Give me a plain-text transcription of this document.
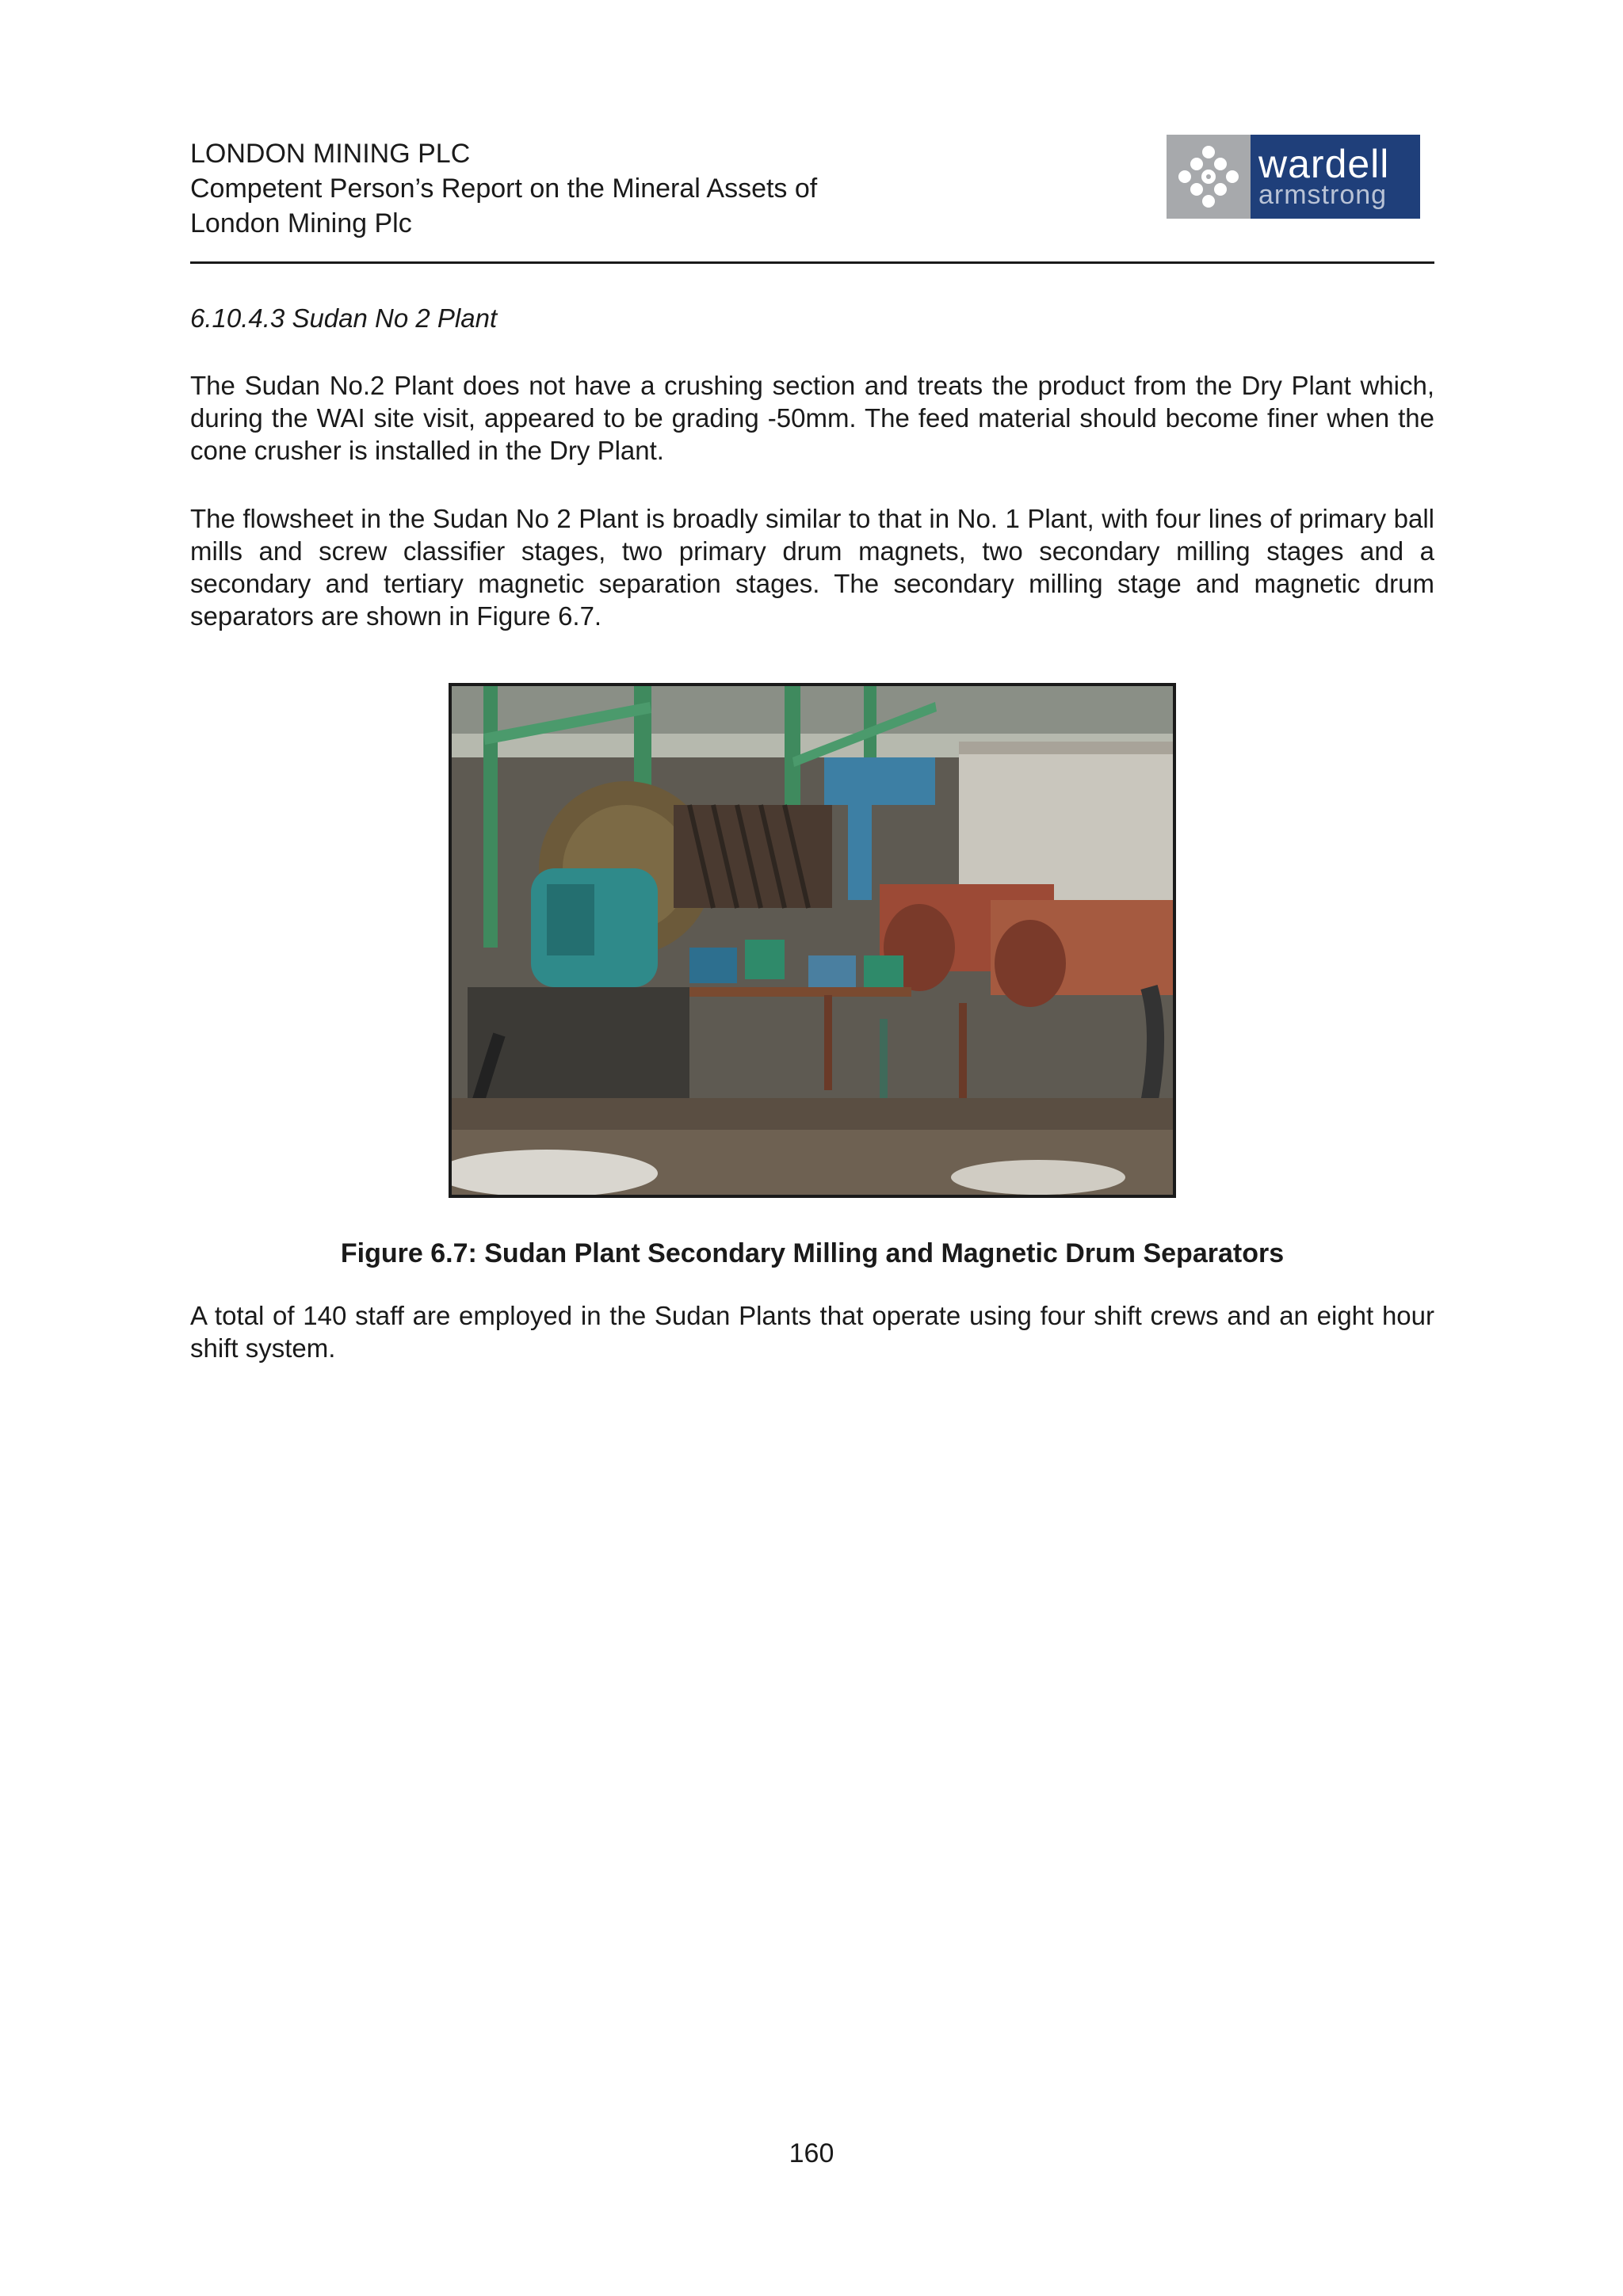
LONDON MINING PLC
Competent Person’s Report on the Mineral Assets of
London Mining Plc
wardell
armstrong
6.10.4.3 Sudan No 2 Plant

The Sudan No.2 Plant does not have a crushing section and treats the product from the Dry Plant which, during the WAI site visit, appeared to be grading -50mm. The feed material should become finer when the cone crusher is installed in the Dry Plant.

The flowsheet in the Sudan No 2 Plant is broadly similar to that in No. 1 Plant, with four lines of primary ball mills and screw classifier stages, two primary drum magnets, two secondary milling stages and a secondary and tertiary magnetic separation stages. The secondary milling stage and magnetic drum separators are shown in Figure 6.7.

Figure 6.7: Sudan Plant Secondary Milling and Magnetic Drum Separators

A total of 140 staff are employed in the Sudan Plants that operate using four shift crews and an eight hour shift system.

160
